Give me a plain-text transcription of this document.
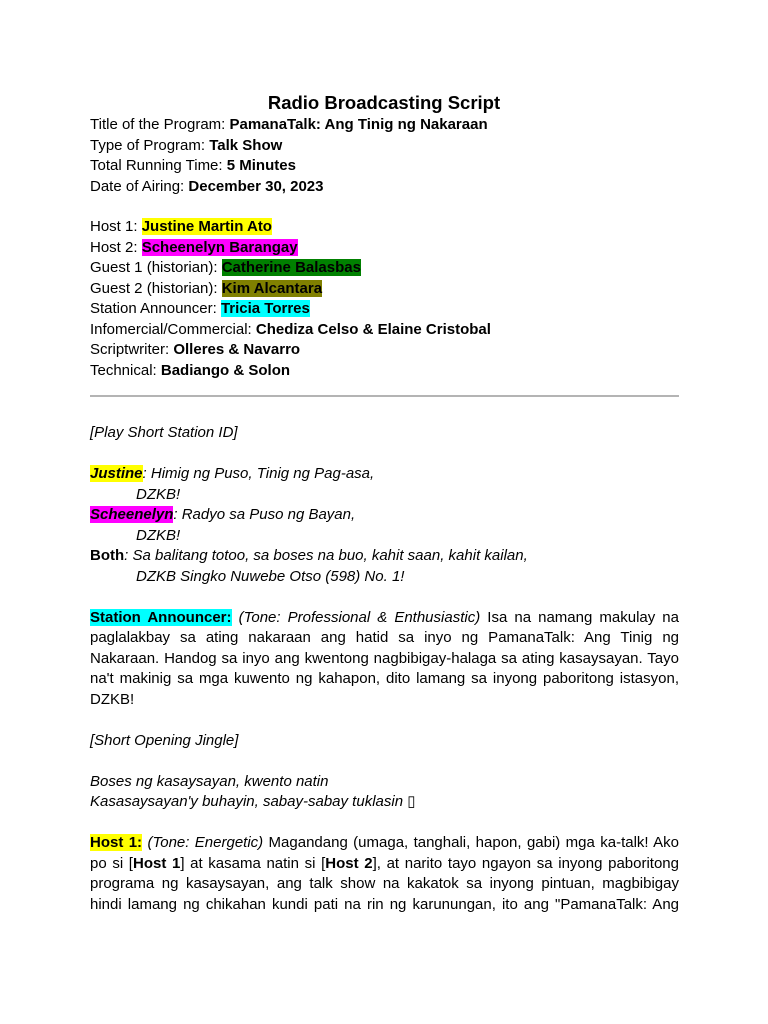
Radio Broadcasting Script
Title of the Program: PamanaTalk: Ang Tinig ng Nakaraan
Type of Program: Talk Show
Total Running Time: 5 Minutes
Date of Airing: December 30, 2023
Host 1: Justine Martin Ato
Host 2: Scheenelyn Barangay
Guest 1 (historian): Catherine Balasbas
Guest 2 (historian): Kim Alcantara
Station Announcer: Tricia Torres
Infomercial/Commercial: Chediza Celso & Elaine Cristobal
Scriptwriter: Olleres & Navarro
Technical: Badiango & Solon
[Play Short Station ID]
Justine: Himig ng Puso, Tinig ng Pag-asa,
DZKB!
Scheenelyn: Radyo sa Puso ng Bayan,
DZKB!
Both: Sa balitang totoo, sa boses na buo, kahit saan, kahit kailan,
DZKB Singko Nuwebe Otso (598) No. 1!
Station Announcer: (Tone: Professional & Enthusiastic) Isa na namang makulay na
paglalakbay sa ating nakaraan ang hatid sa inyo ng PamanaTalk: Ang Tinig ng
Nakaraan. Handog sa inyo ang kwentong nagbibigay-halaga sa ating kasaysayan. Tayo
na't makinig sa mga kuwento ng kahapon, dito lamang sa inyong paboritong istasyon,
DZKB!
[Short Opening Jingle]
Boses ng kasaysayan, kwento natin
Kasasaysayan'y buhayin, sabay-sabay tuklasin ▯
Host 1: (Tone: Energetic) Magandang (umaga, tanghali, hapon, gabi) mga ka-talk! Ako
po si [Host 1] at kasama natin si [Host 2], at narito tayo ngayon sa inyong paboritong
programa ng kasaysayan, ang talk show na kakatok sa inyong pintuan, magbibigay
hindi lamang ng chikahan kundi pati na rin ng karunungan, ito ang "PamanaTalk: Ang
